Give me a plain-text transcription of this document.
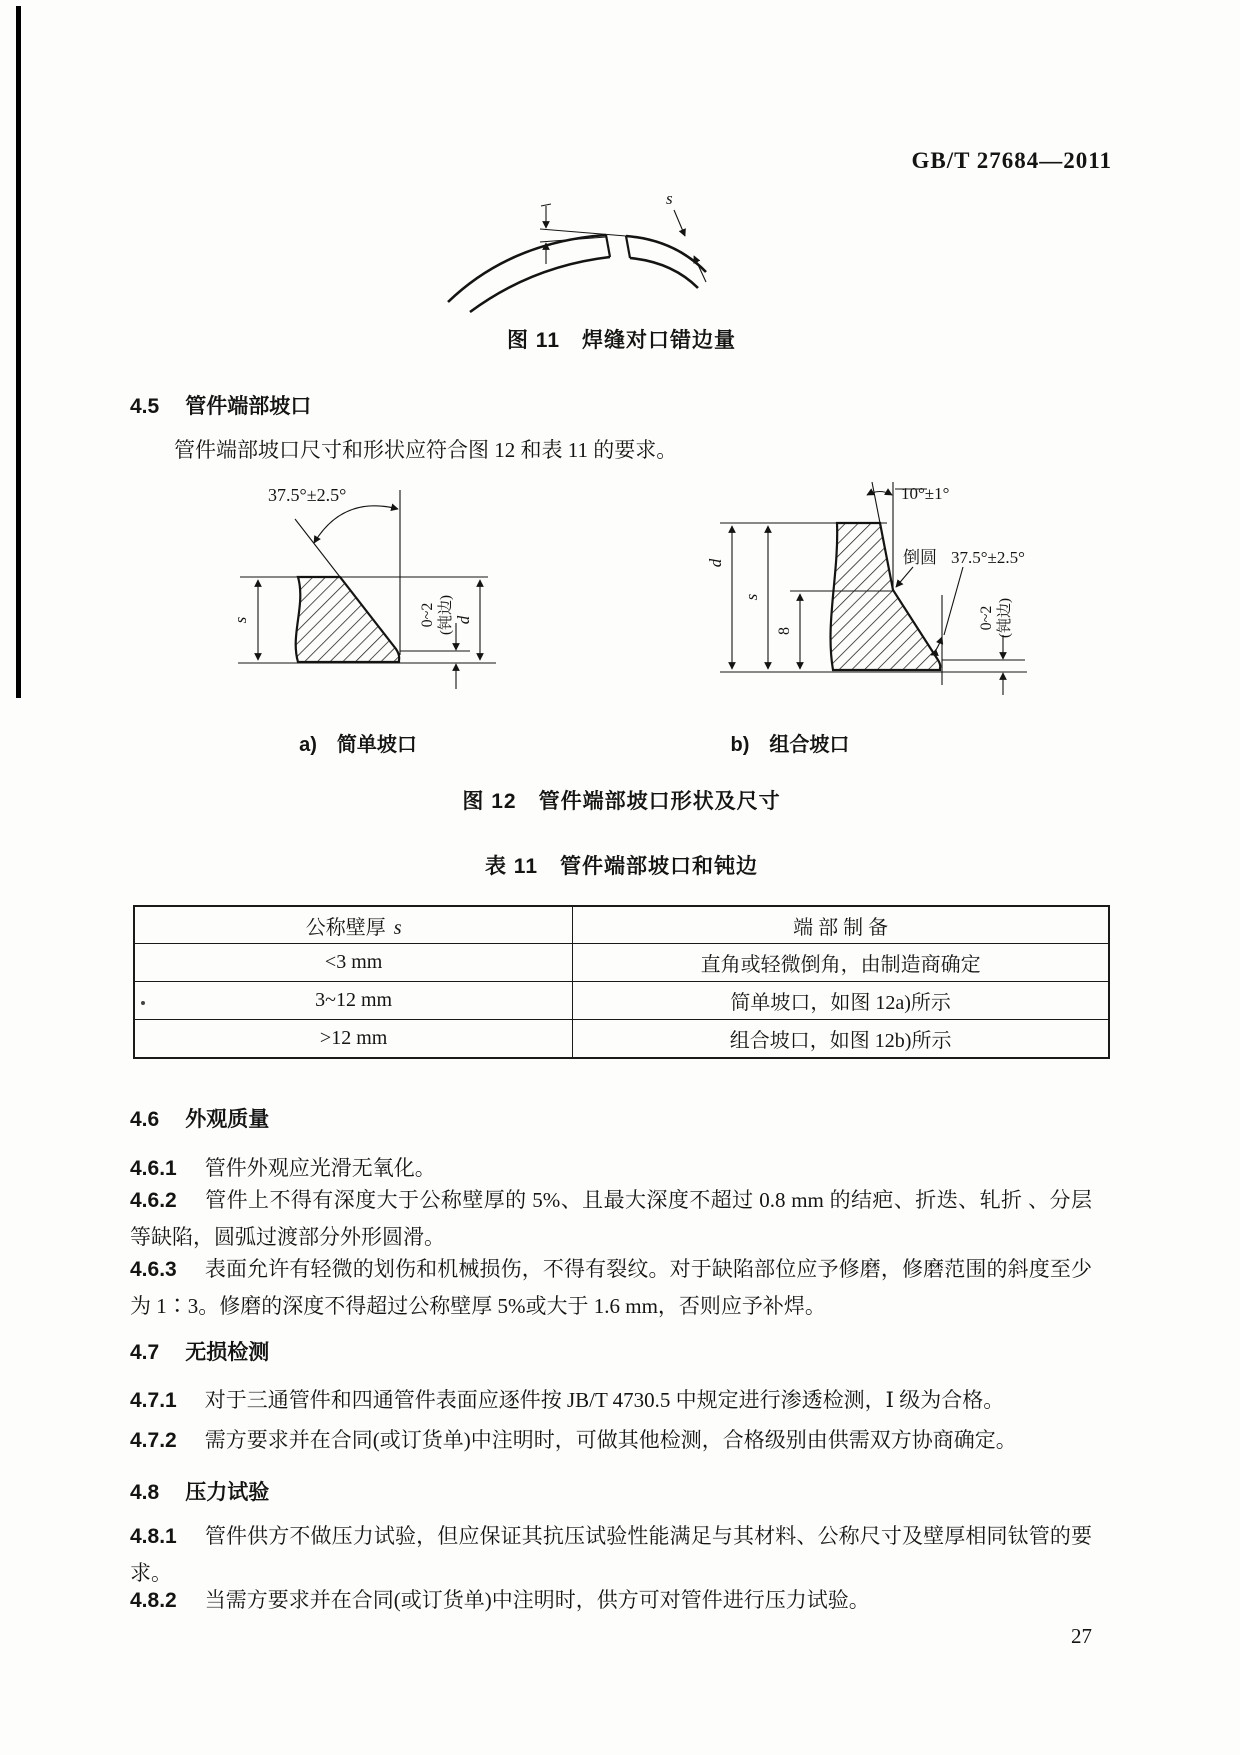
GB/T 27684—2011
s
图 11　焊缝对口错边量
4.5 管件端部坡口

管件端部坡口尺寸和形状应符合图 12 和表 11 的要求。

37.5°±2.5°
s	0~2 (钝边) d
10°±1°
倒圆 37.5°±2.5°
d
s
8
0~2 (钝边)
a)　简单坡口	b)　组合坡口
图 12　管件端部坡口形状及尺寸
表 11　管件端部坡口和钝边
公称壁厚 s	端 部 制 备
<3 mm	直角或轻微倒角，由制造商确定
3~12 mm	简单坡口，如图 12a)所示
>12 mm	组合坡口，如图 12b)所示
4.6 外观质量

4.6.1 管件外观应光滑无氧化。

4.6.2 管件上不得有深度大于公称壁厚的 5%、且最大深度不超过 0.8 mm 的结疤、折迭、轧折 、分层等缺陷，圆弧过渡部分外形圆滑。

4.6.3 表面允许有轻微的划伤和机械损伤，不得有裂纹。对于缺陷部位应予修磨，修磨范围的斜度至少为 1∶3。修磨的深度不得超过公称壁厚 5%或大于 1.6 mm，否则应予补焊。

4.7 无损检测

4.7.1 对于三通管件和四通管件表面应逐件按 JB/T 4730.5 中规定进行渗透检测，Ⅰ 级为合格。

4.7.2 需方要求并在合同(或订货单)中注明时，可做其他检测，合格级别由供需双方协商确定。

4.8 压力试验

4.8.1 管件供方不做压力试验，但应保证其抗压试验性能满足与其材料、公称尺寸及壁厚相同钛管的要求。

4.8.2 当需方要求并在合同(或订货单)中注明时，供方可对管件进行压力试验。

27
